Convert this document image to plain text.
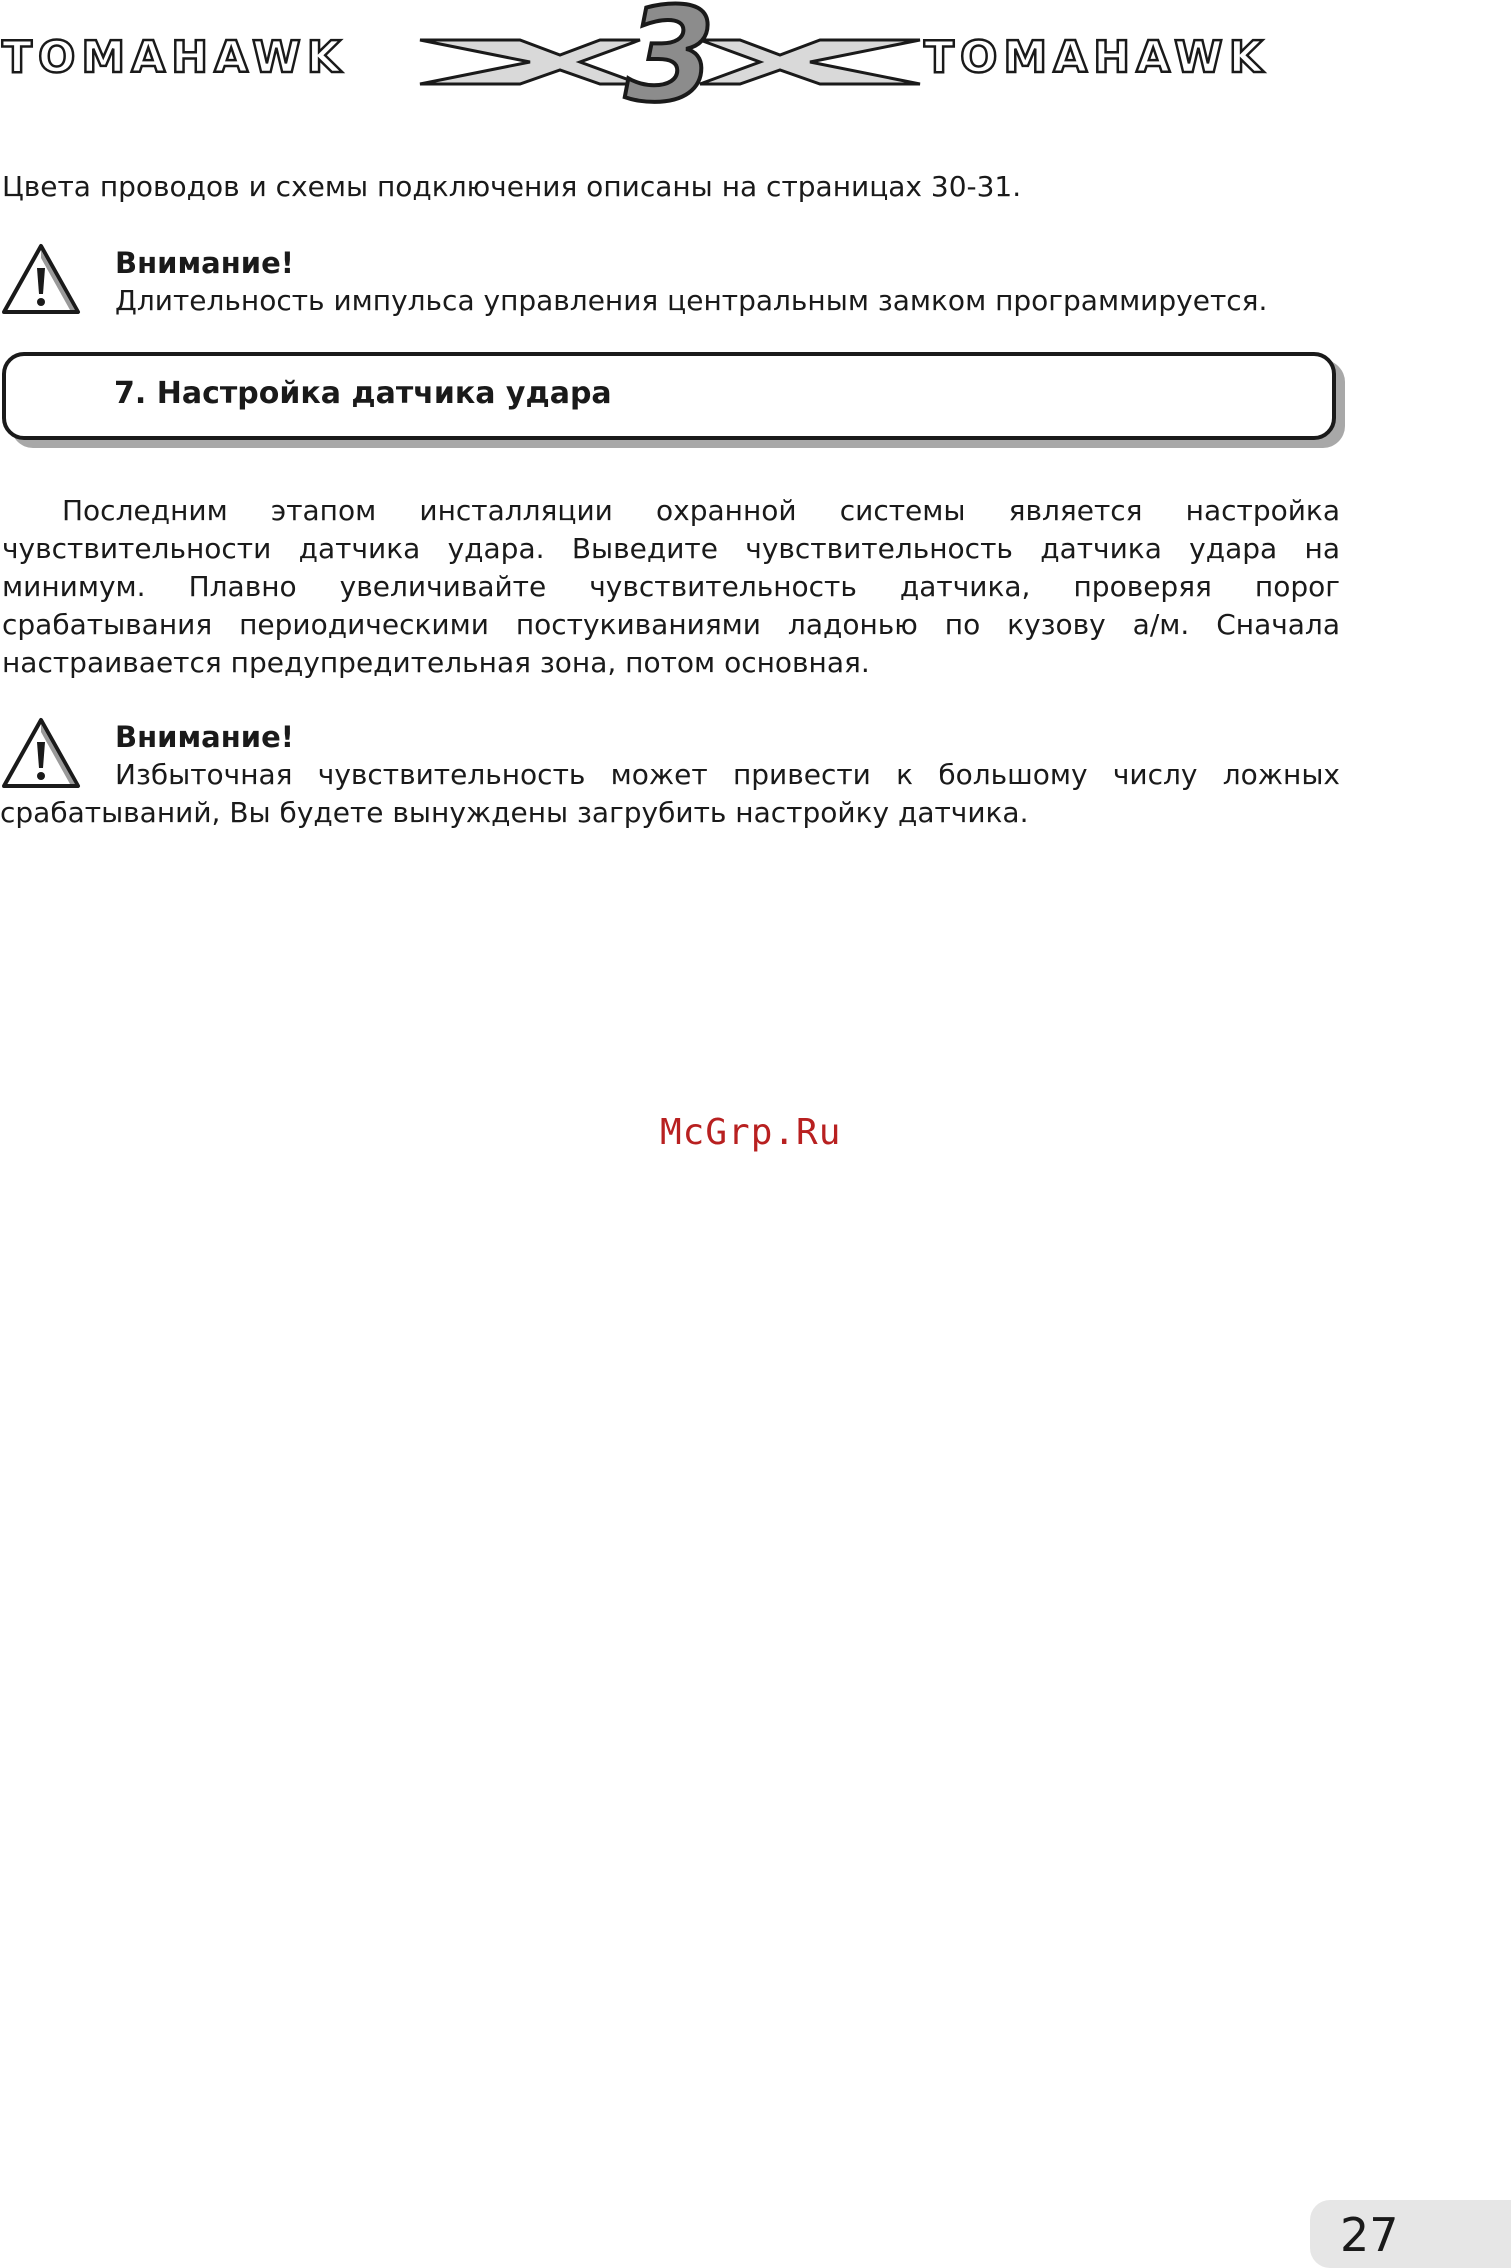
TOMAHAWK 3	TOMAHAWK
Цвета проводов и схемы подключения описаны на страницах 30-31.
Внимание!
Длительность импульса управления центральным замком программируется.
7. Настройка датчика удара
Последним этапом инсталляции охранной системы является настройка чувствительности датчика удара. Выведите чувствительность датчика удара на минимум. Плавно увеличивайте чувствительность датчика, проверяя порог срабатывания периодическими постукиваниями ладонью по кузову а/м. Сначала настраивается предупредительная зона, потом основная.
Внимание!
Избыточная чувствительность может привести к большому числу ложных срабатываний, Вы будете вынуждены загрубить настройку датчика.
McGrp.Ru
27
